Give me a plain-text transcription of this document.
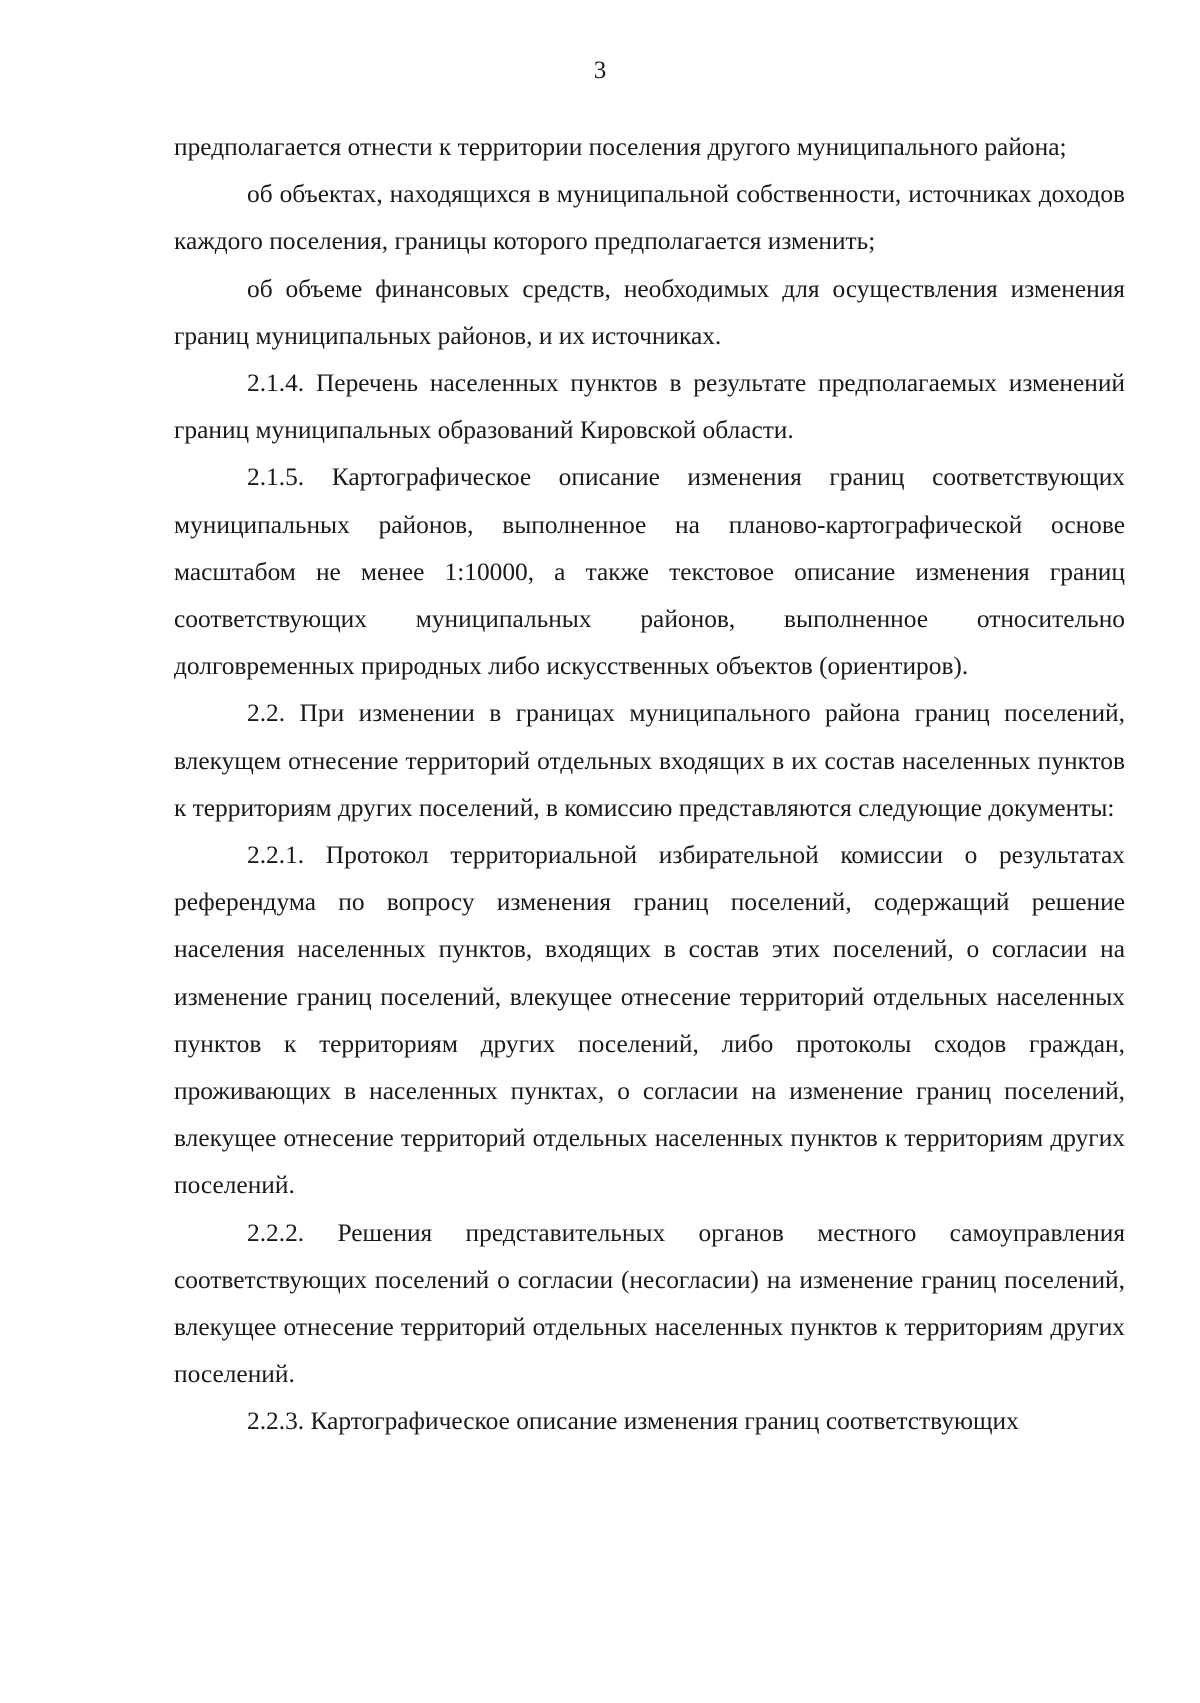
3

предполагается отнести к территории поселения другого муниципального района;

об объектах, находящихся в муниципальной собственности, источниках доходов каждого поселения, границы которого предполагается изменить;

об объеме финансовых средств, необходимых для осуществления изменения границ муниципальных районов, и их источниках.

2.1.4. Перечень населенных пунктов в результате предполагаемых изменений границ муниципальных образований Кировской области.

2.1.5. Картографическое описание изменения границ соответствующих муниципальных районов, выполненное на планово-картографической основе масштабом не менее 1:10000, а также текстовое описание изменения границ соответствующих муниципальных районов, выполненное относительно долговременных природных либо искусственных объектов (ориентиров).

2.2. При изменении в границах муниципального района границ поселений, влекущем отнесение территорий отдельных входящих в их состав населенных пунктов к территориям других поселений, в комиссию представляются следующие документы:

2.2.1. Протокол территориальной избирательной комиссии о результатах референдума по вопросу изменения границ поселений, содержащий решение населения населенных пунктов, входящих в состав этих поселений, о согласии на изменение границ поселений, влекущее отнесение территорий отдельных населенных пунктов к территориям других поселений, либо протоколы сходов граждан, проживающих в населенных пунктах, о согласии на изменение границ поселений, влекущее отнесение территорий отдельных населенных пунктов к территориям других поселений.

2.2.2. Решения представительных органов местного самоуправления соответствующих поселений о согласии (несогласии) на изменение границ поселений, влекущее отнесение территорий отдельных населенных пунктов к территориям других поселений.

2.2.3. Картографическое описание изменения границ соответствующих
